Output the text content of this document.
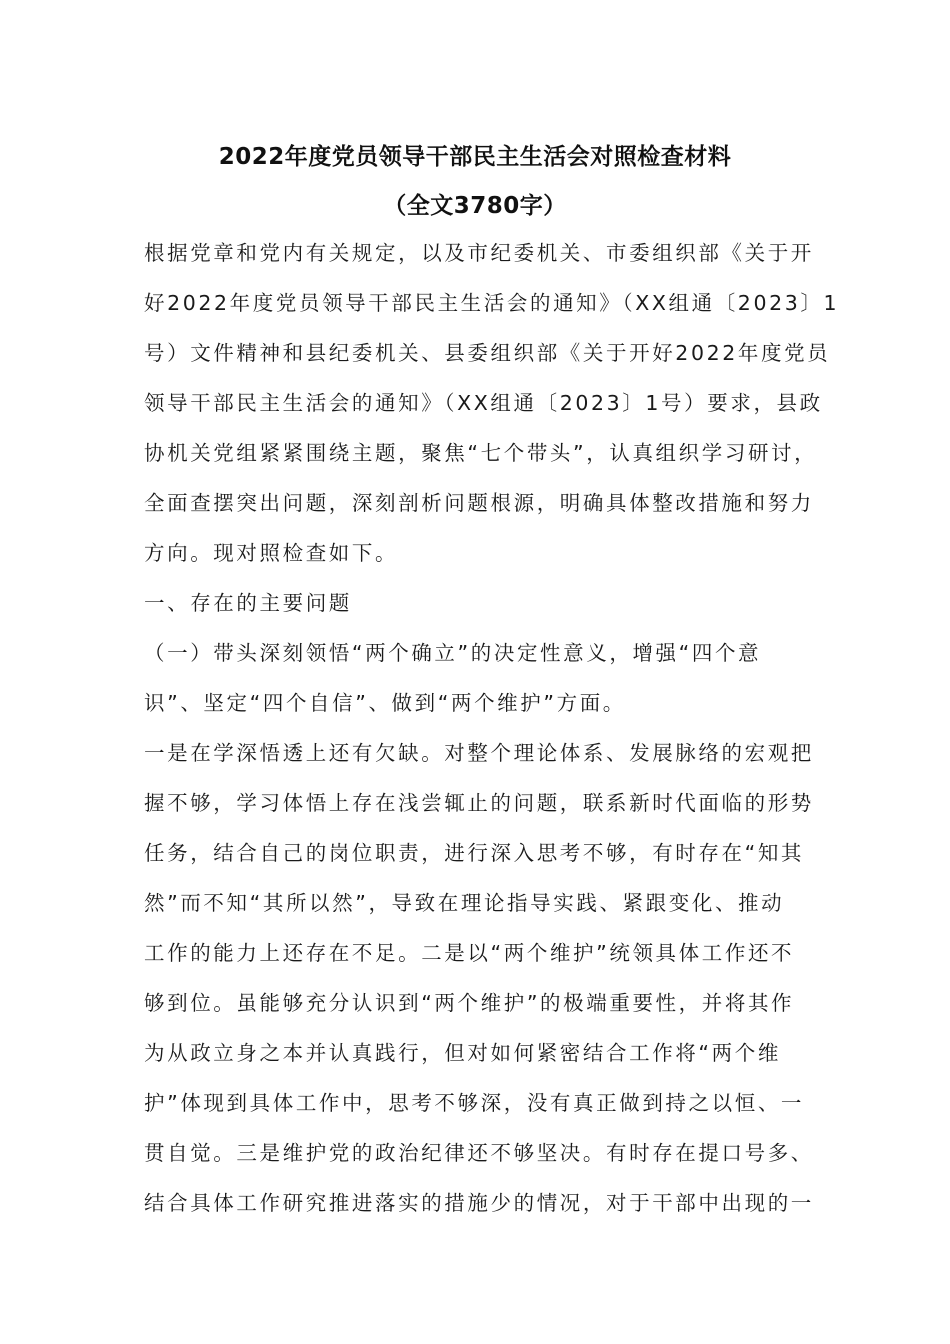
2022年度党员领导干部民主生活会对照检查材料
（全文3780字）
根据党章和党内有关规定，以及市纪委机关、市委组织部《关于开
好2022年度党员领导干部民主生活会的通知》（XX组通〔2023〕1
号）文件精神和县纪委机关、县委组织部《关于开好2022年度党员
领导干部民主生活会的通知》（XX组通〔2023〕1号）要求，县政
协机关党组紧紧围绕主题，聚焦“七个带头”，认真组织学习研讨，
全面查摆突出问题，深刻剖析问题根源，明确具体整改措施和努力
方向。现对照检查如下。
一、存在的主要问题
（一）带头深刻领悟“两个确立”的决定性意义，增强“四个意
识”、坚定“四个自信”、做到“两个维护”方面。
一是在学深悟透上还有欠缺。对整个理论体系、发展脉络的宏观把
握不够，学习体悟上存在浅尝辄止的问题，联系新时代面临的形势
任务，结合自己的岗位职责，进行深入思考不够，有时存在“知其
然”而不知“其所以然”，导致在理论指导实践、紧跟变化、推动
工作的能力上还存在不足。二是以“两个维护”统领具体工作还不
够到位。虽能够充分认识到“两个维护”的极端重要性，并将其作
为从政立身之本并认真践行，但对如何紧密结合工作将“两个维
护”体现到具体工作中，思考不够深，没有真正做到持之以恒、一
贯自觉。三是维护党的政治纪律还不够坚决。有时存在提口号多、
结合具体工作研究推进落实的措施少的情况，对于干部中出现的一
